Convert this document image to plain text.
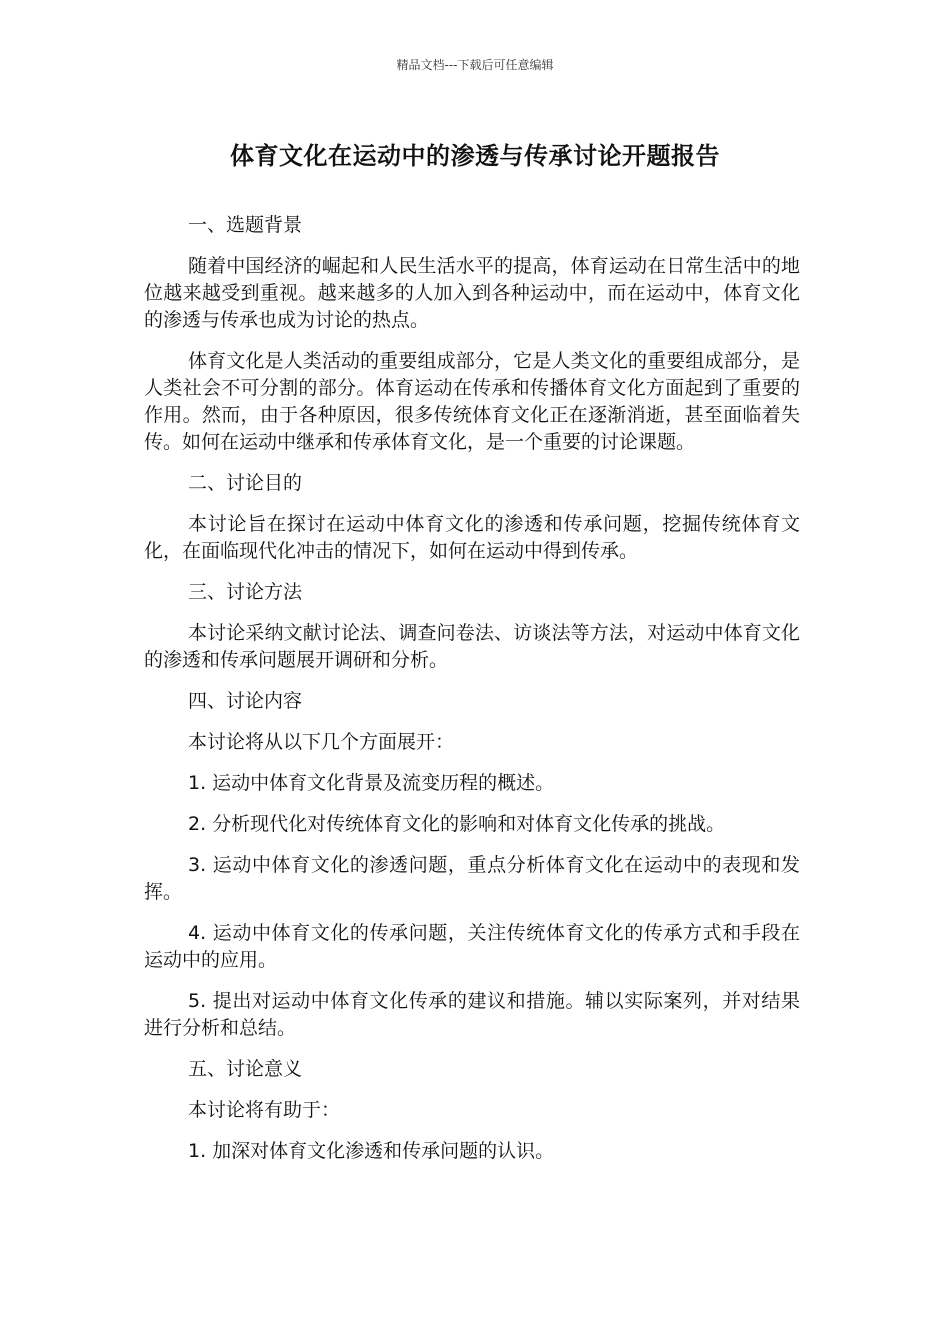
精品文档---下载后可任意编辑
体育文化在运动中的渗透与传承讨论开题报告

一、选题背景

随着中国经济的崛起和人民生活水平的提高，体育运动在日常生活中的地位越来越受到重视。越来越多的人加入到各种运动中，而在运动中，体育文化的渗透与传承也成为讨论的热点。

体育文化是人类活动的重要组成部分，它是人类文化的重要组成部分，是人类社会不可分割的部分。体育运动在传承和传播体育文化方面起到了重要的作用。然而，由于各种原因，很多传统体育文化正在逐渐消逝，甚至面临着失传。如何在运动中继承和传承体育文化，是一个重要的讨论课题。

二、讨论目的

本讨论旨在探讨在运动中体育文化的渗透和传承问题，挖掘传统体育文化，在面临现代化冲击的情况下，如何在运动中得到传承。

三、讨论方法

本讨论采纳文献讨论法、调查问卷法、访谈法等方法，对运动中体育文化的渗透和传承问题展开调研和分析。

四、讨论内容

本讨论将从以下几个方面展开：

1. 运动中体育文化背景及流变历程的概述。

2. 分析现代化对传统体育文化的影响和对体育文化传承的挑战。

3. 运动中体育文化的渗透问题，重点分析体育文化在运动中的表现和发挥。

4. 运动中体育文化的传承问题，关注传统体育文化的传承方式和手段在运动中的应用。

5. 提出对运动中体育文化传承的建议和措施。辅以实际案列，并对结果进行分析和总结。

五、讨论意义

本讨论将有助于：

1. 加深对体育文化渗透和传承问题的认识。
